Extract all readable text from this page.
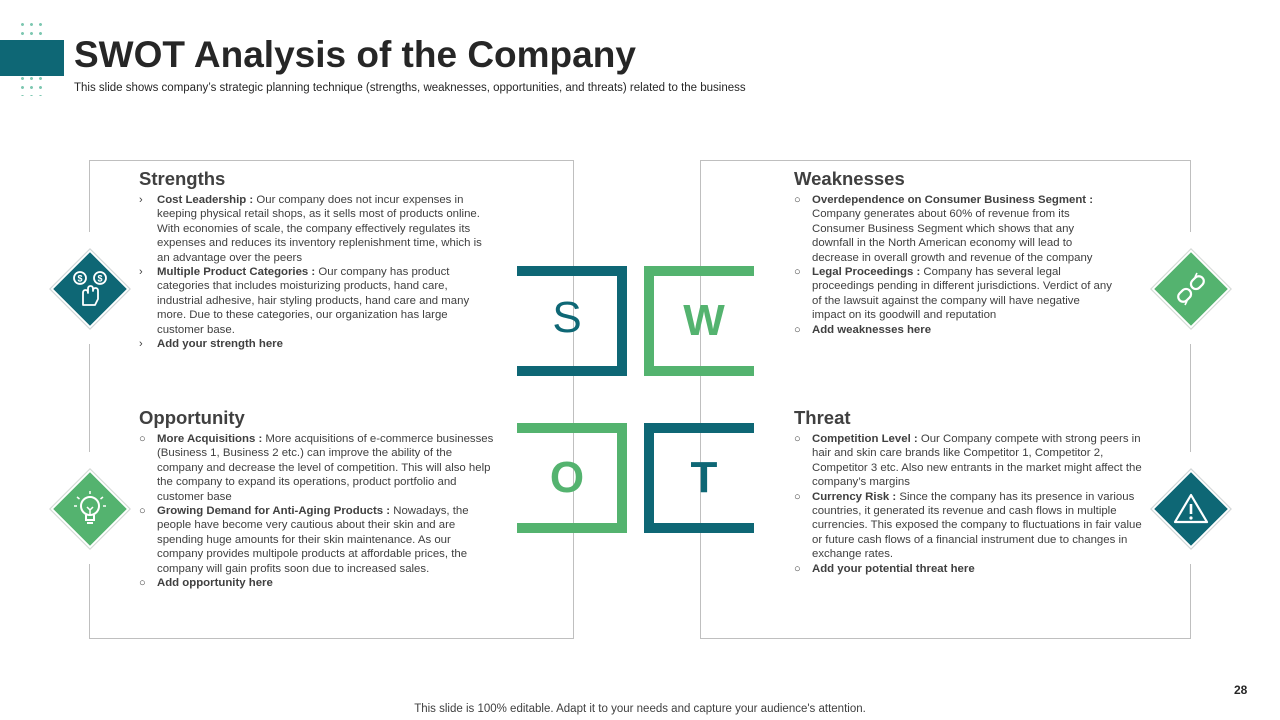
SWOT Analysis of the Company
This slide shows company’s strategic planning technique (strengths, weaknesses, opportunities, and threats) related to the business
$ $
S W
O T
Strengths
› Cost Leadership : Our company does not incur expenses in keeping physical retail shops, as it sells most of products online. With economies of scale, the company effectively regulates its expenses and reduces its inventory replenishment time, which is an advantage over the peers
› Multiple Product Categories : Our company has product categories that includes moisturizing products, hand care, industrial adhesive, hair styling products, hand care and many more. Due to these categories, our organization has large customer base.
› Add your strength here
Weaknesses
○ Overdependence on Consumer Business Segment : Company generates about 60% of revenue from its Consumer Business Segment which shows that any downfall in the North American economy will lead to decrease in overall growth and revenue of the company
○ Legal Proceedings : Company has several legal proceedings pending in different jurisdictions. Verdict of any of the lawsuit against the company will have negative impact on its goodwill and reputation
○ Add weaknesses here
Opportunity
○ More Acquisitions : More acquisitions of e-commerce businesses (Business 1, Business 2 etc.) can improve the ability of the company and decrease the level of competition. This will also help the company to expand its operations, product portfolio and customer base
○ Growing Demand for Anti-Aging Products : Nowadays, the people have become very cautious about their skin and are spending huge amounts for their skin maintenance. As our company provides multipole products at affordable prices, the company will gain profits soon due to increased sales.
○ Add opportunity here
Threat
○ Competition Level : Our Company compete with strong peers in hair and skin care brands like Competitor 1, Competitor 2, Competitor 3 etc. Also new entrants in the market might affect the company’s margins
○ Currency Risk : Since the company has its presence in various countries, it generated its revenue and cash flows in multiple currencies. This exposed the company to fluctuations in fair value or future cash flows of a financial instrument due to changes in exchange rates.
○ Add your potential threat here
28
This slide is 100% editable. Adapt it to your needs and capture your audience's attention.
